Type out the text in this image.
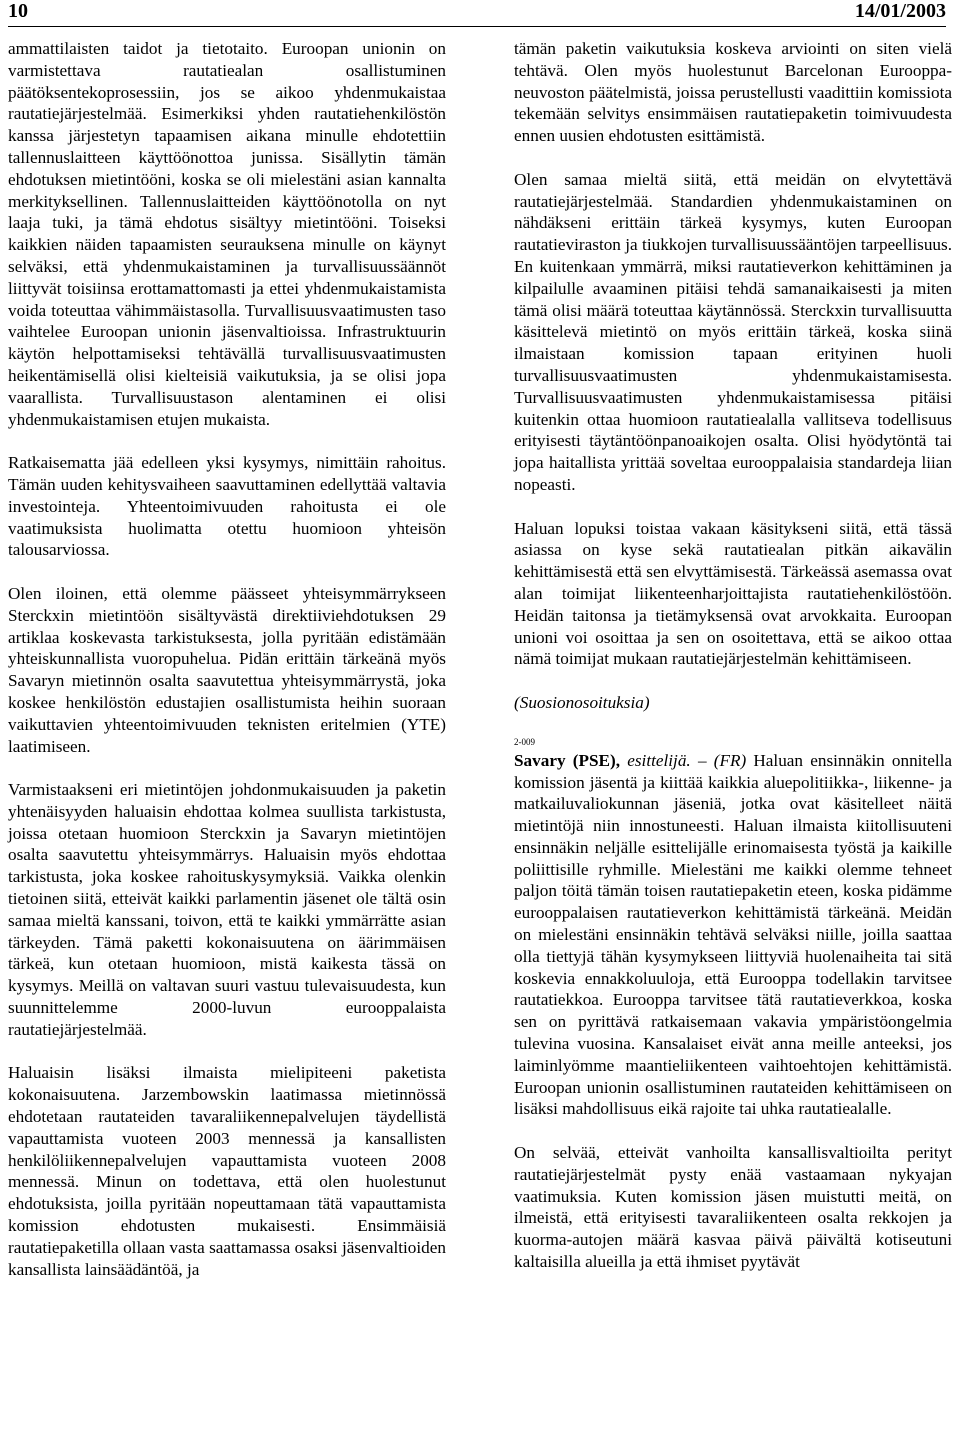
10	14/01/2003

ammattilaisten taidot ja tietotaito. Euroopan unionin on varmistettava rautatiealan osallistuminen päätöksentekoprosessiin, jos se aikoo yhdenmukaistaa rautatiejärjestelmää. Esimerkiksi yhden rautatiehenkilöstön kanssa järjestetyn tapaamisen aikana minulle ehdotettiin tallennuslaitteen käyttöönottoa junissa. Sisällytin tämän ehdotuksen mietintööni, koska se oli mielestäni asian kannalta merkityksellinen. Tallennuslaitteiden käyttöönotolla on nyt laaja tuki, ja tämä ehdotus sisältyy mietintööni. Toiseksi kaikkien näiden tapaamisten seurauksena minulle on käynyt selväksi, että yhdenmukaistaminen ja turvallisuussäännöt liittyvät toisiinsa erottamattomasti ja ettei yhdenmukaistamista voida toteuttaa vähimmäistasolla. Turvallisuusvaatimusten taso vaihtelee Euroopan unionin jäsenvaltioissa. Infrastruktuurin käytön helpottamiseksi tehtävällä turvallisuusvaatimusten heikentämisellä olisi kielteisiä vaikutuksia, ja se olisi jopa vaarallista. Turvallisuustason alentaminen ei olisi yhdenmukaistamisen etujen mukaista.

Ratkaisematta jää edelleen yksi kysymys, nimittäin rahoitus. Tämän uuden kehitysvaiheen saavuttaminen edellyttää valtavia investointeja. Yhteentoimivuuden rahoitusta ei ole vaatimuksista huolimatta otettu huomioon yhteisön talousarviossa.

Olen iloinen, että olemme päässeet yhteisymmärrykseen Sterckxin mietintöön sisältyvästä direktiiviehdotuksen 29 artiklaa koskevasta tarkistuksesta, jolla pyritään edistämään yhteiskunnallista vuoropuhelua. Pidän erittäin tärkeänä myös Savaryn mietinnön osalta saavutettua yhteisymmärrystä, joka koskee henkilöstön edustajien osallistumista heihin suoraan vaikuttavien yhteentoimivuuden teknisten eritelmien (YTE) laatimiseen.

Varmistaakseni eri mietintöjen johdonmukaisuuden ja paketin yhtenäisyyden haluaisin ehdottaa kolmea suullista tarkistusta, joissa otetaan huomioon Sterckxin ja Savaryn mietintöjen osalta saavutettu yhteisymmärrys. Haluaisin myös ehdottaa tarkistusta, joka koskee rahoituskysymyksiä. Vaikka olenkin tietoinen siitä, etteivät kaikki parlamentin jäsenet ole tältä osin samaa mieltä kanssani, toivon, että te kaikki ymmärrätte asian tärkeyden. Tämä paketti kokonaisuutena on äärimmäisen tärkeä, kun otetaan huomioon, mistä kaikesta tässä on kysymys. Meillä on valtavan suuri vastuu tulevaisuudesta, kun suunnittelemme 2000-luvun eurooppalaista rautatiejärjestelmää.

Haluaisin lisäksi ilmaista mielipiteeni paketista kokonaisuutena. Jarzembowskin laatimassa mietinnössä ehdotetaan rautateiden tavaraliikennepalvelujen täydellistä vapauttamista vuoteen 2003 mennessä ja kansallisten henkilöliikennepalvelujen vapauttamista vuoteen 2008 mennessä. Minun on todettava, että olen huolestunut ehdotuksista, joilla pyritään nopeuttamaan tätä vapauttamista komission ehdotusten mukaisesti. Ensimmäisiä rautatiepaketilla ollaan vasta saattamassa osaksi jäsenvaltioiden kansallista lainsäädäntöä, ja

tämän paketin vaikutuksia koskeva arviointi on siten vielä tehtävä. Olen myös huolestunut Barcelonan Eurooppa-neuvoston päätelmistä, joissa perustellusti vaadittiin komissiota tekemään selvitys ensimmäisen rautatiepaketin toimivuudesta ennen uusien ehdotusten esittämistä.

Olen samaa mieltä siitä, että meidän on elvytettävä rautatiejärjestelmää. Standardien yhdenmukaistaminen on nähdäkseni erittäin tärkeä kysymys, kuten Euroopan rautatieviraston ja tiukkojen turvallisuussääntöjen tarpeellisuus. En kuitenkaan ymmärrä, miksi rautatieverkon kehittäminen ja kilpailulle avaaminen pitäisi tehdä samanaikaisesti ja miten tämä olisi määrä toteuttaa käytännössä. Sterckxin turvallisuutta käsittelevä mietintö on myös erittäin tärkeä, koska siinä ilmaistaan komission tapaan erityinen huoli turvallisuusvaatimusten yhdenmukaistamisesta. Turvallisuusvaatimusten yhdenmukaistamisessa pitäisi kuitenkin ottaa huomioon rautatiealalla vallitseva todellisuus erityisesti täytäntöönpanoaikojen osalta. Olisi hyödytöntä tai jopa haitallista yrittää soveltaa eurooppalaisia standardeja liian nopeasti.

Haluan lopuksi toistaa vakaan käsitykseni siitä, että tässä asiassa on kyse sekä rautatiealan pitkän aikavälin kehittämisestä että sen elvyttämisestä. Tärkeässä asemassa ovat alan toimijat liikenteenharjoittajista rautatiehenkilöstöön. Heidän taitonsa ja tietämyksensä ovat arvokkaita. Euroopan unioni voi osoittaa ja sen on osoitettava, että se aikoo ottaa nämä toimijat mukaan rautatiejärjestelmän kehittämiseen.

(Suosionosoituksia)

2-009

Savary (PSE), esittelijä. – (FR) Haluan ensinnäkin onnitella komission jäsentä ja kiittää kaikkia aluepolitiikka-, liikenne- ja matkailuvaliokunnan jäseniä, jotka ovat käsitelleet näitä mietintöjä niin innostuneesti. Haluan ilmaista kiitollisuuteni ensinnäkin neljälle esittelijälle erinomaisesta työstä ja kaikille poliittisille ryhmille. Mielestäni me kaikki olemme tehneet paljon töitä tämän toisen rautatiepaketin eteen, koska pidämme eurooppalaisen rautatieverkon kehittämistä tärkeänä. Meidän on mielestäni ensinnäkin tehtävä selväksi niille, joilla saattaa olla tiettyjä tähän kysymykseen liittyviä huolenaiheita tai sitä koskevia ennakkoluuloja, että Eurooppa todellakin tarvitsee rautatiekkoa. Eurooppa tarvitsee tätä rautatieverkkoa, koska sen on pyrittävä ratkaisemaan vakavia ympäristöongelmia tulevina vuosina. Kansalaiset eivät anna meille anteeksi, jos laiminlyömme maantieliikenteen vaihtoehtojen kehittämistä. Euroopan unionin osallistuminen rautateiden kehittämiseen on lisäksi mahdollisuus eikä rajoite tai uhka rautatiealalle.

On selvää, etteivät vanhoilta kansallisvaltioilta perityt rautatiejärjestelmät pysty enää vastaamaan nykyajan vaatimuksia. Kuten komission jäsen muistutti meitä, on ilmeistä, että erityisesti tavaraliikenteen osalta rekkojen ja kuorma-autojen määrä kasvaa päivä päivältä kotiseutuni kaltaisilla alueilla ja että ihmiset pyytävät
